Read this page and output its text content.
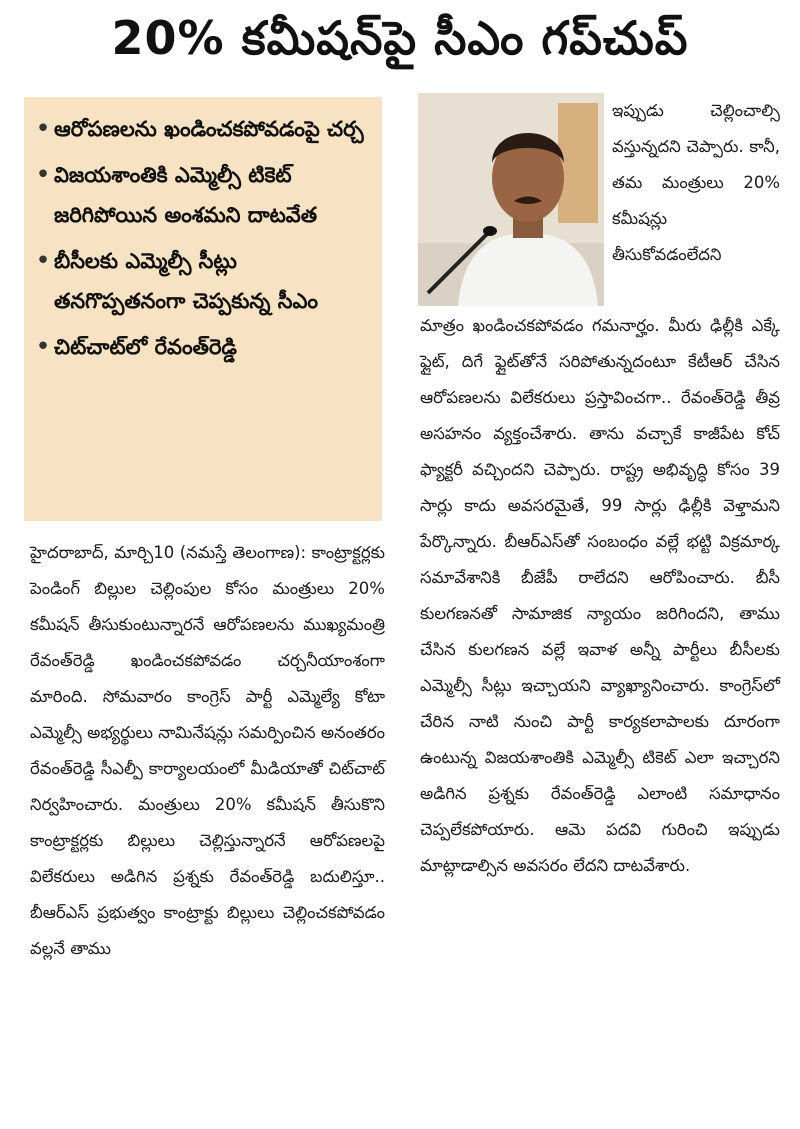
20% కమీషన్‌పై సీఎం గప్‌చుప్
• ఆరోపణలను ఖండించకపోవడంపై చర్చ
• విజయశాంతికి ఎమ్మెల్సీ టికెట్ జరిగిపోయిన అంశమని దాటవేత
• బీసీలకు ఎమ్మెల్సీ సీట్లు తనగొప్పతనంగా చెప్పకున్న సీఎం
• చిట్‌చాట్‌లో రేవంత్‌రెడ్డి
ఇప్పుడు చెల్లించాల్సి వస్తున్నదని చెప్పారు. కానీ, తమ మంత్రులు 20% కమీషన్లు తీసుకోవడంలేదని
మాత్రం ఖండించకపోవడం గమనార్హం. మీరు ఢిల్లీకి ఎక్కే ఫ్లైట్, దిగే ఫ్లైట్‌తోనే సరిపోతున్నదంటూ కేటీఆర్ చేసిన ఆరోపణలను విలేకరులు ప్రస్తావించగా.. రేవంత్‌రెడ్డి తీవ్ర అసహనం వ్యక్తంచేశారు. తాను వచ్చాకే కాజీపేట కోచ్ ఫ్యాక్టరీ వచ్చిందని చెప్పారు. రాష్ట్ర అభివృద్ధి కోసం 39 సార్లు కాదు అవసరమైతే, 99 సార్లు ఢిల్లీకి వెళ్తామని పేర్కొన్నారు. బీఆర్‌ఎస్‌తో సంబంధం వల్లే భట్టి విక్రమార్క సమావేశానికి బీజేపీ రాలేదని ఆరోపించారు. బీసీ కులగణనతో సామాజిక న్యాయం జరిగిందని, తాము చేసిన కులగణన వల్లే ఇవాళ అన్నీ పార్టీలు బీసీలకు ఎమ్మెల్సీ సీట్లు ఇచ్చాయని వ్యాఖ్యానించారు. కాంగ్రెస్‌లో చేరిన నాటి నుంచి పార్టీ కార్యకలాపాలకు దూరంగా ఉంటున్న విజయశాంతికి ఎమ్మెల్సీ టికెట్ ఎలా ఇచ్చారని అడిగిన ప్రశ్నకు రేవంత్‌రెడ్డి ఎలాంటి సమాధానం చెప్పలేకపోయారు. ఆమె పదవి గురించి ఇప్పుడు మాట్లాడాల్సిన అవసరం లేదని దాటవేశారు.
హైదరాబాద్, మార్చి10 (నమస్తే తెలంగాణ): కాంట్రాక్టర్లకు పెండింగ్ బిల్లుల చెల్లింపుల కోసం మంత్రులు 20% కమీషన్ తీసుకుంటున్నారనే ఆరోపణలను ముఖ్యమంత్రి రేవంత్‌రెడ్డి ఖండించకపోవడం చర్చనీయాంశంగా మారింది. సోమవారం కాంగ్రెస్ పార్టీ ఎమ్మెల్యే కోటా ఎమ్మెల్సీ అభ్యర్థులు నామినేషన్లు సమర్పించిన అనంతరం రేవంత్‌రెడ్డి సీఎల్పీ కార్యాలయంలో మీడియాతో చిట్‌చాట్ నిర్వహించారు. మంత్రులు 20% కమీషన్ తీసుకొని కాంట్రాక్టర్లకు బిల్లులు చెల్లిస్తున్నారనే ఆరోపణలపై విలేకరులు అడిగిన ప్రశ్నకు రేవంత్‌రెడ్డి బదులిస్తూ.. బీఆర్‌ఎస్ ప్రభుత్వం కాంట్రాక్టు బిల్లులు చెల్లించకపోవడం వల్లనే తాము
